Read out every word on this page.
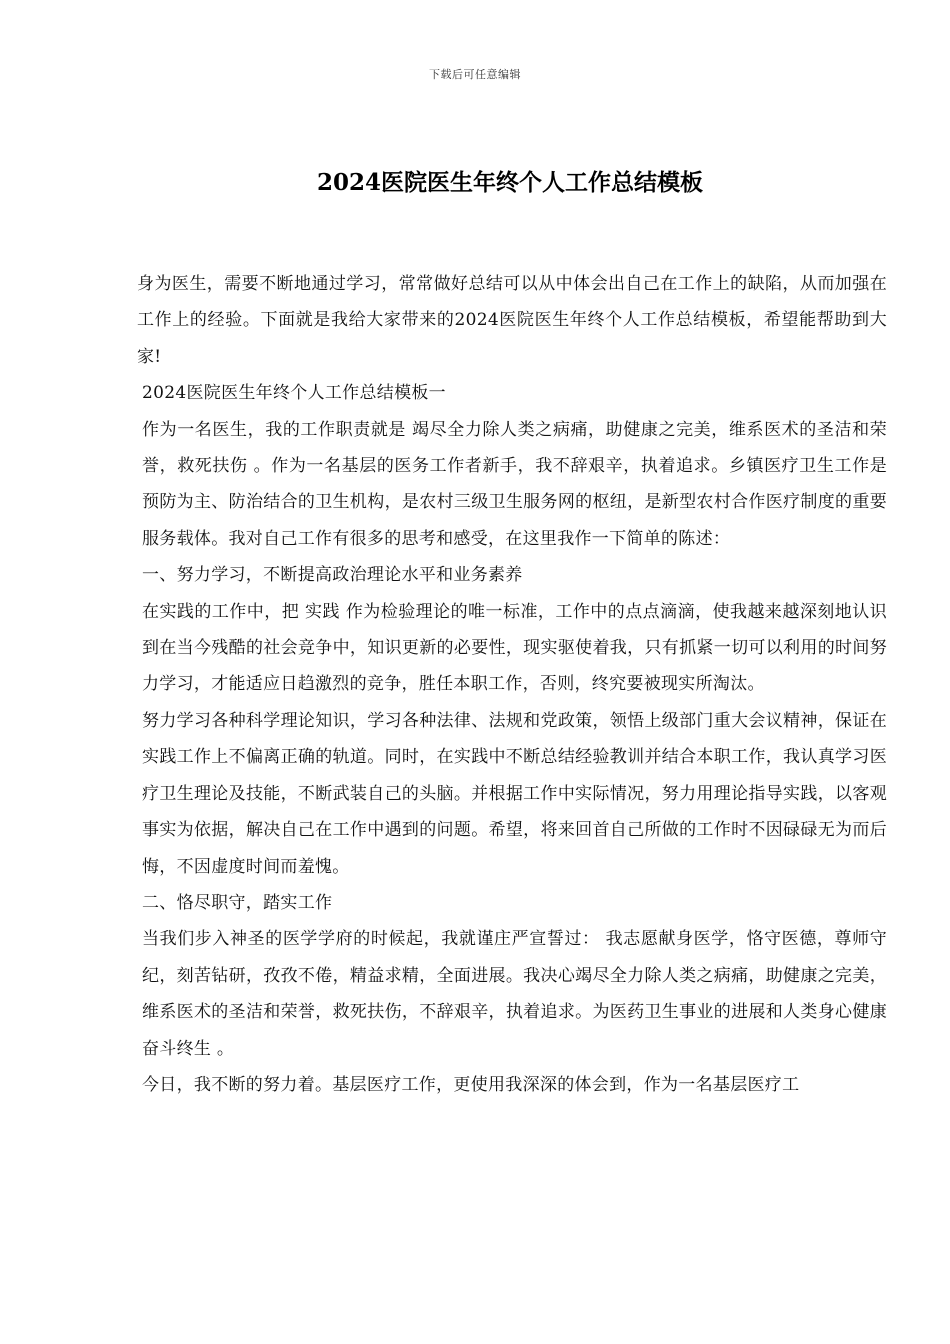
下载后可任意编辑
2024医院医生年终个人工作总结模板

身为医生，需要不断地通过学习，常常做好总结可以从中体会出自己在工作上的缺陷，从而加强在工作上的经验。下面就是我给大家带来的2024医院医生年终个人工作总结模板，希望能帮助到大家!

2024医院医生年终个人工作总结模板一

作为一名医生，我的工作职责就是 竭尽全力除人类之病痛，助健康之完美，维系医术的圣洁和荣誉，救死扶伤 。作为一名基层的医务工作者新手，我不辞艰辛，执着追求。乡镇医疗卫生工作是预防为主、防治结合的卫生机构，是农村三级卫生服务网的枢纽，是新型农村合作医疗制度的重要服务载体。我对自己工作有很多的思考和感受，在这里我作一下简单的陈述：

一、努力学习，不断提高政治理论水平和业务素养

在实践的工作中，把 实践 作为检验理论的唯一标准，工作中的点点滴滴，使我越来越深刻地认识到在当今残酷的社会竞争中，知识更新的必要性，现实驱使着我，只有抓紧一切可以利用的时间努力学习，才能适应日趋激烈的竞争，胜任本职工作，否则，终究要被现实所淘汰。

努力学习各种科学理论知识，学习各种法律、法规和党政策，领悟上级部门重大会议精神，保证在实践工作上不偏离正确的轨道。同时，在实践中不断总结经验教训并结合本职工作，我认真学习医疗卫生理论及技能，不断武装自己的头脑。并根据工作中实际情况，努力用理论指导实践，以客观事实为依据，解决自己在工作中遇到的问题。希望，将来回首自己所做的工作时不因碌碌无为而后悔，不因虚度时间而羞愧。

二、恪尽职守，踏实工作

当我们步入神圣的医学学府的时候起，我就谨庄严宣誓过： 我志愿献身医学，恪守医德，尊师守纪，刻苦钻研，孜孜不倦，精益求精，全面进展。我决心竭尽全力除人类之病痛，助健康之完美，维系医术的圣洁和荣誉，救死扶伤，不辞艰辛，执着追求。为医药卫生事业的进展和人类身心健康奋斗终生 。

今日，我不断的努力着。基层医疗工作，更使用我深深的体会到，作为一名基层医疗工
